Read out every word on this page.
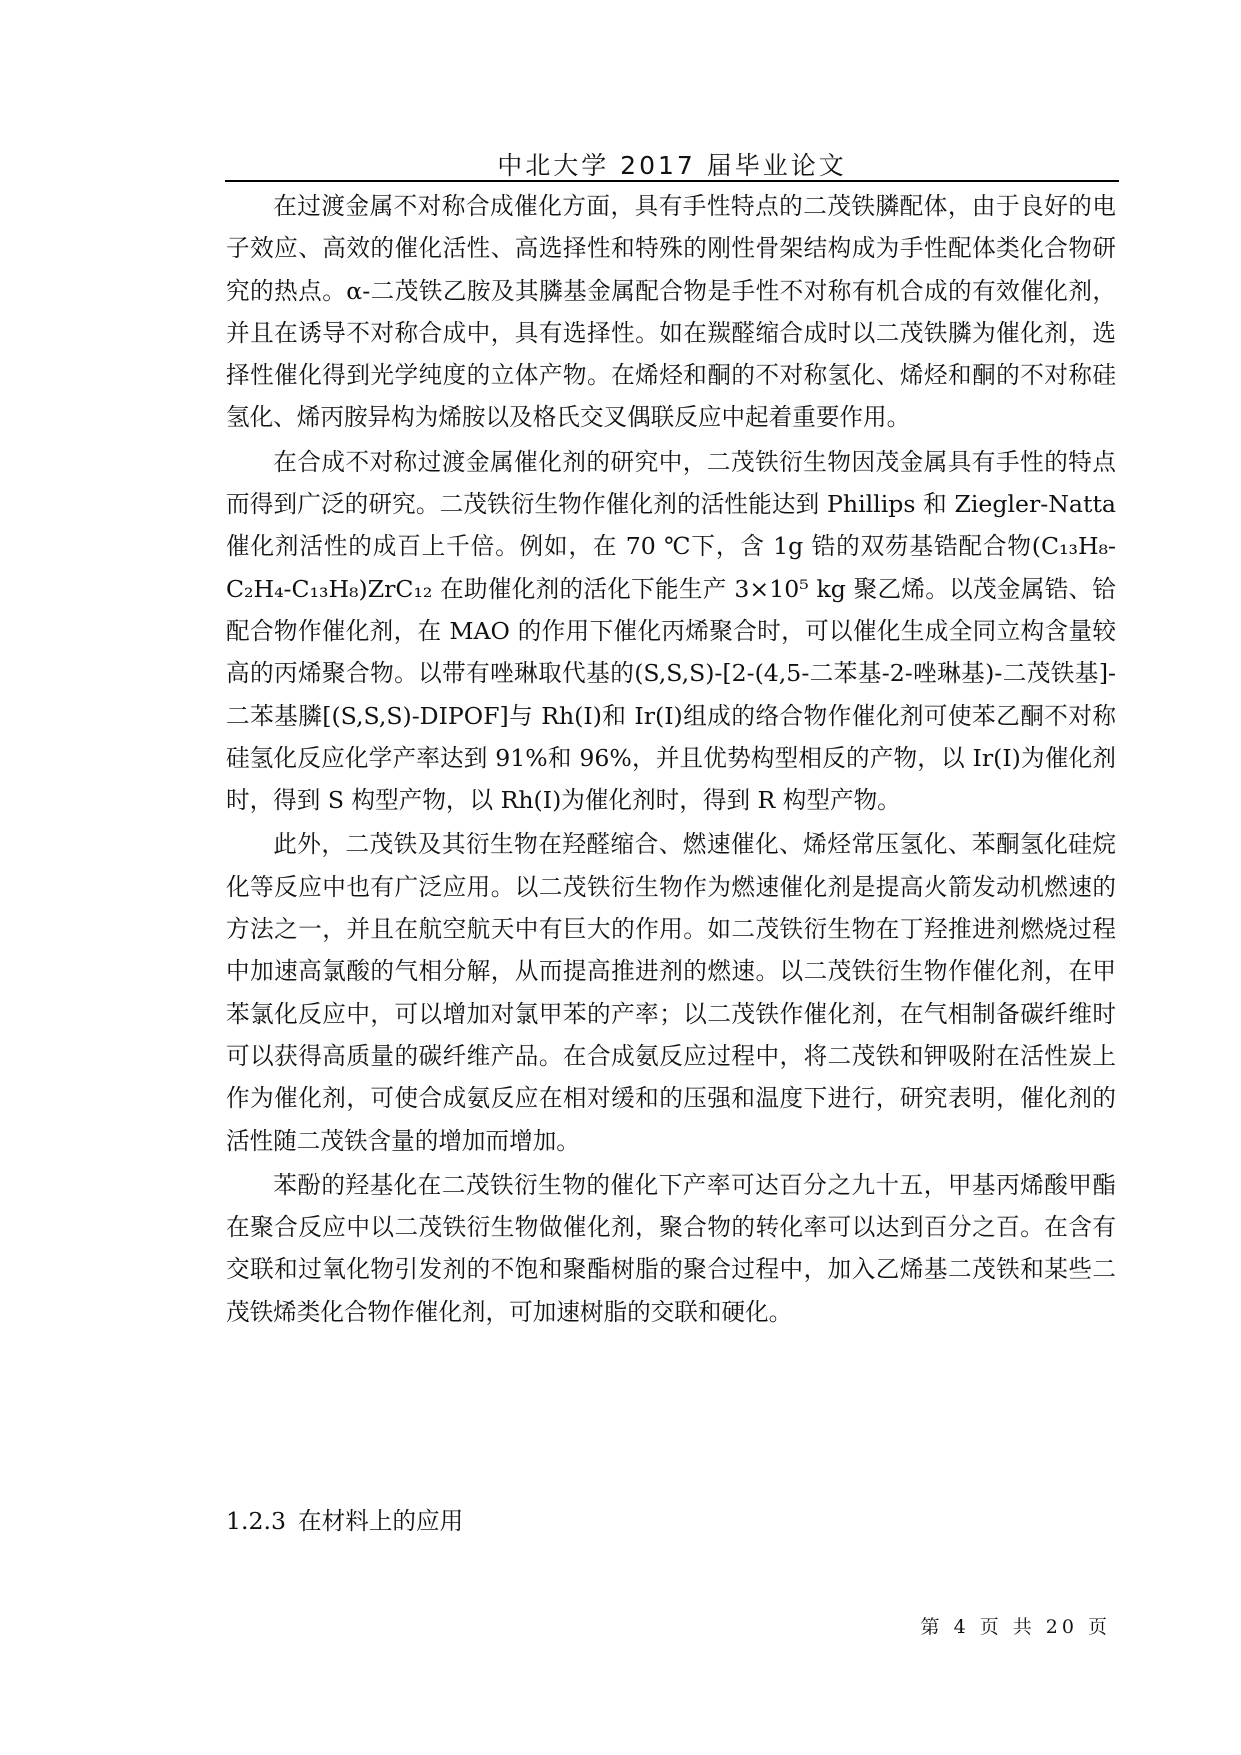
中北大学 2017 届毕业论文

在过渡金属不对称合成催化方面，具有手性特点的二茂铁膦配体，由于良好的电子效应、高效的催化活性、高选择性和特殊的刚性骨架结构成为手性配体类化合物研究的热点。α-二茂铁乙胺及其膦基金属配合物是手性不对称有机合成的有效催化剂，并且在诱导不对称合成中，具有选择性。如在羰醛缩合成时以二茂铁膦为催化剂，选择性催化得到光学纯度的立体产物。在烯烃和酮的不对称氢化、烯烃和酮的不对称硅氢化、烯丙胺异构为烯胺以及格氏交叉偶联反应中起着重要作用。

在合成不对称过渡金属催化剂的研究中，二茂铁衍生物因茂金属具有手性的特点而得到广泛的研究。二茂铁衍生物作催化剂的活性能达到 Phillips 和 Ziegler-Natta 催化剂活性的成百上千倍。例如，在 70 ℃下，含 1g 锆的双芴基锆配合物(C₁₃H₈-C₂H₄-C₁₃H₈)ZrC₁₂ 在助催化剂的活化下能生产 3×10⁵ kg 聚乙烯。以茂金属锆、铪配合物作催化剂，在 MAO 的作用下催化丙烯聚合时，可以催化生成全同立构含量较高的丙烯聚合物。以带有唑琳取代基的(S,S,S)-[2-(4,5-二苯基-2-唑琳基)-二茂铁基]-二苯基膦[(S,S,S)-DIPOF]与 Rh(I)和 Ir(I)组成的络合物作催化剂可使苯乙酮不对称硅氢化反应化学产率达到 91%和 96%，并且优势构型相反的产物，以 Ir(I)为催化剂时，得到 S 构型产物，以 Rh(I)为催化剂时，得到 R 构型产物。

此外，二茂铁及其衍生物在羟醛缩合、燃速催化、烯烃常压氢化、苯酮氢化硅烷化等反应中也有广泛应用。以二茂铁衍生物作为燃速催化剂是提高火箭发动机燃速的方法之一，并且在航空航天中有巨大的作用。如二茂铁衍生物在丁羟推进剂燃烧过程中加速高氯酸的气相分解，从而提高推进剂的燃速。以二茂铁衍生物作催化剂，在甲苯氯化反应中，可以增加对氯甲苯的产率；以二茂铁作催化剂，在气相制备碳纤维时可以获得高质量的碳纤维产品。在合成氨反应过程中，将二茂铁和钾吸附在活性炭上作为催化剂，可使合成氨反应在相对缓和的压强和温度下进行，研究表明，催化剂的活性随二茂铁含量的增加而增加。

苯酚的羟基化在二茂铁衍生物的催化下产率可达百分之九十五，甲基丙烯酸甲酯在聚合反应中以二茂铁衍生物做催化剂，聚合物的转化率可以达到百分之百。在含有交联和过氧化物引发剂的不饱和聚酯树脂的聚合过程中，加入乙烯基二茂铁和某些二茂铁烯类化合物作催化剂，可加速树脂的交联和硬化。

1.2.3 在材料上的应用
第 4 页 共 20 页
